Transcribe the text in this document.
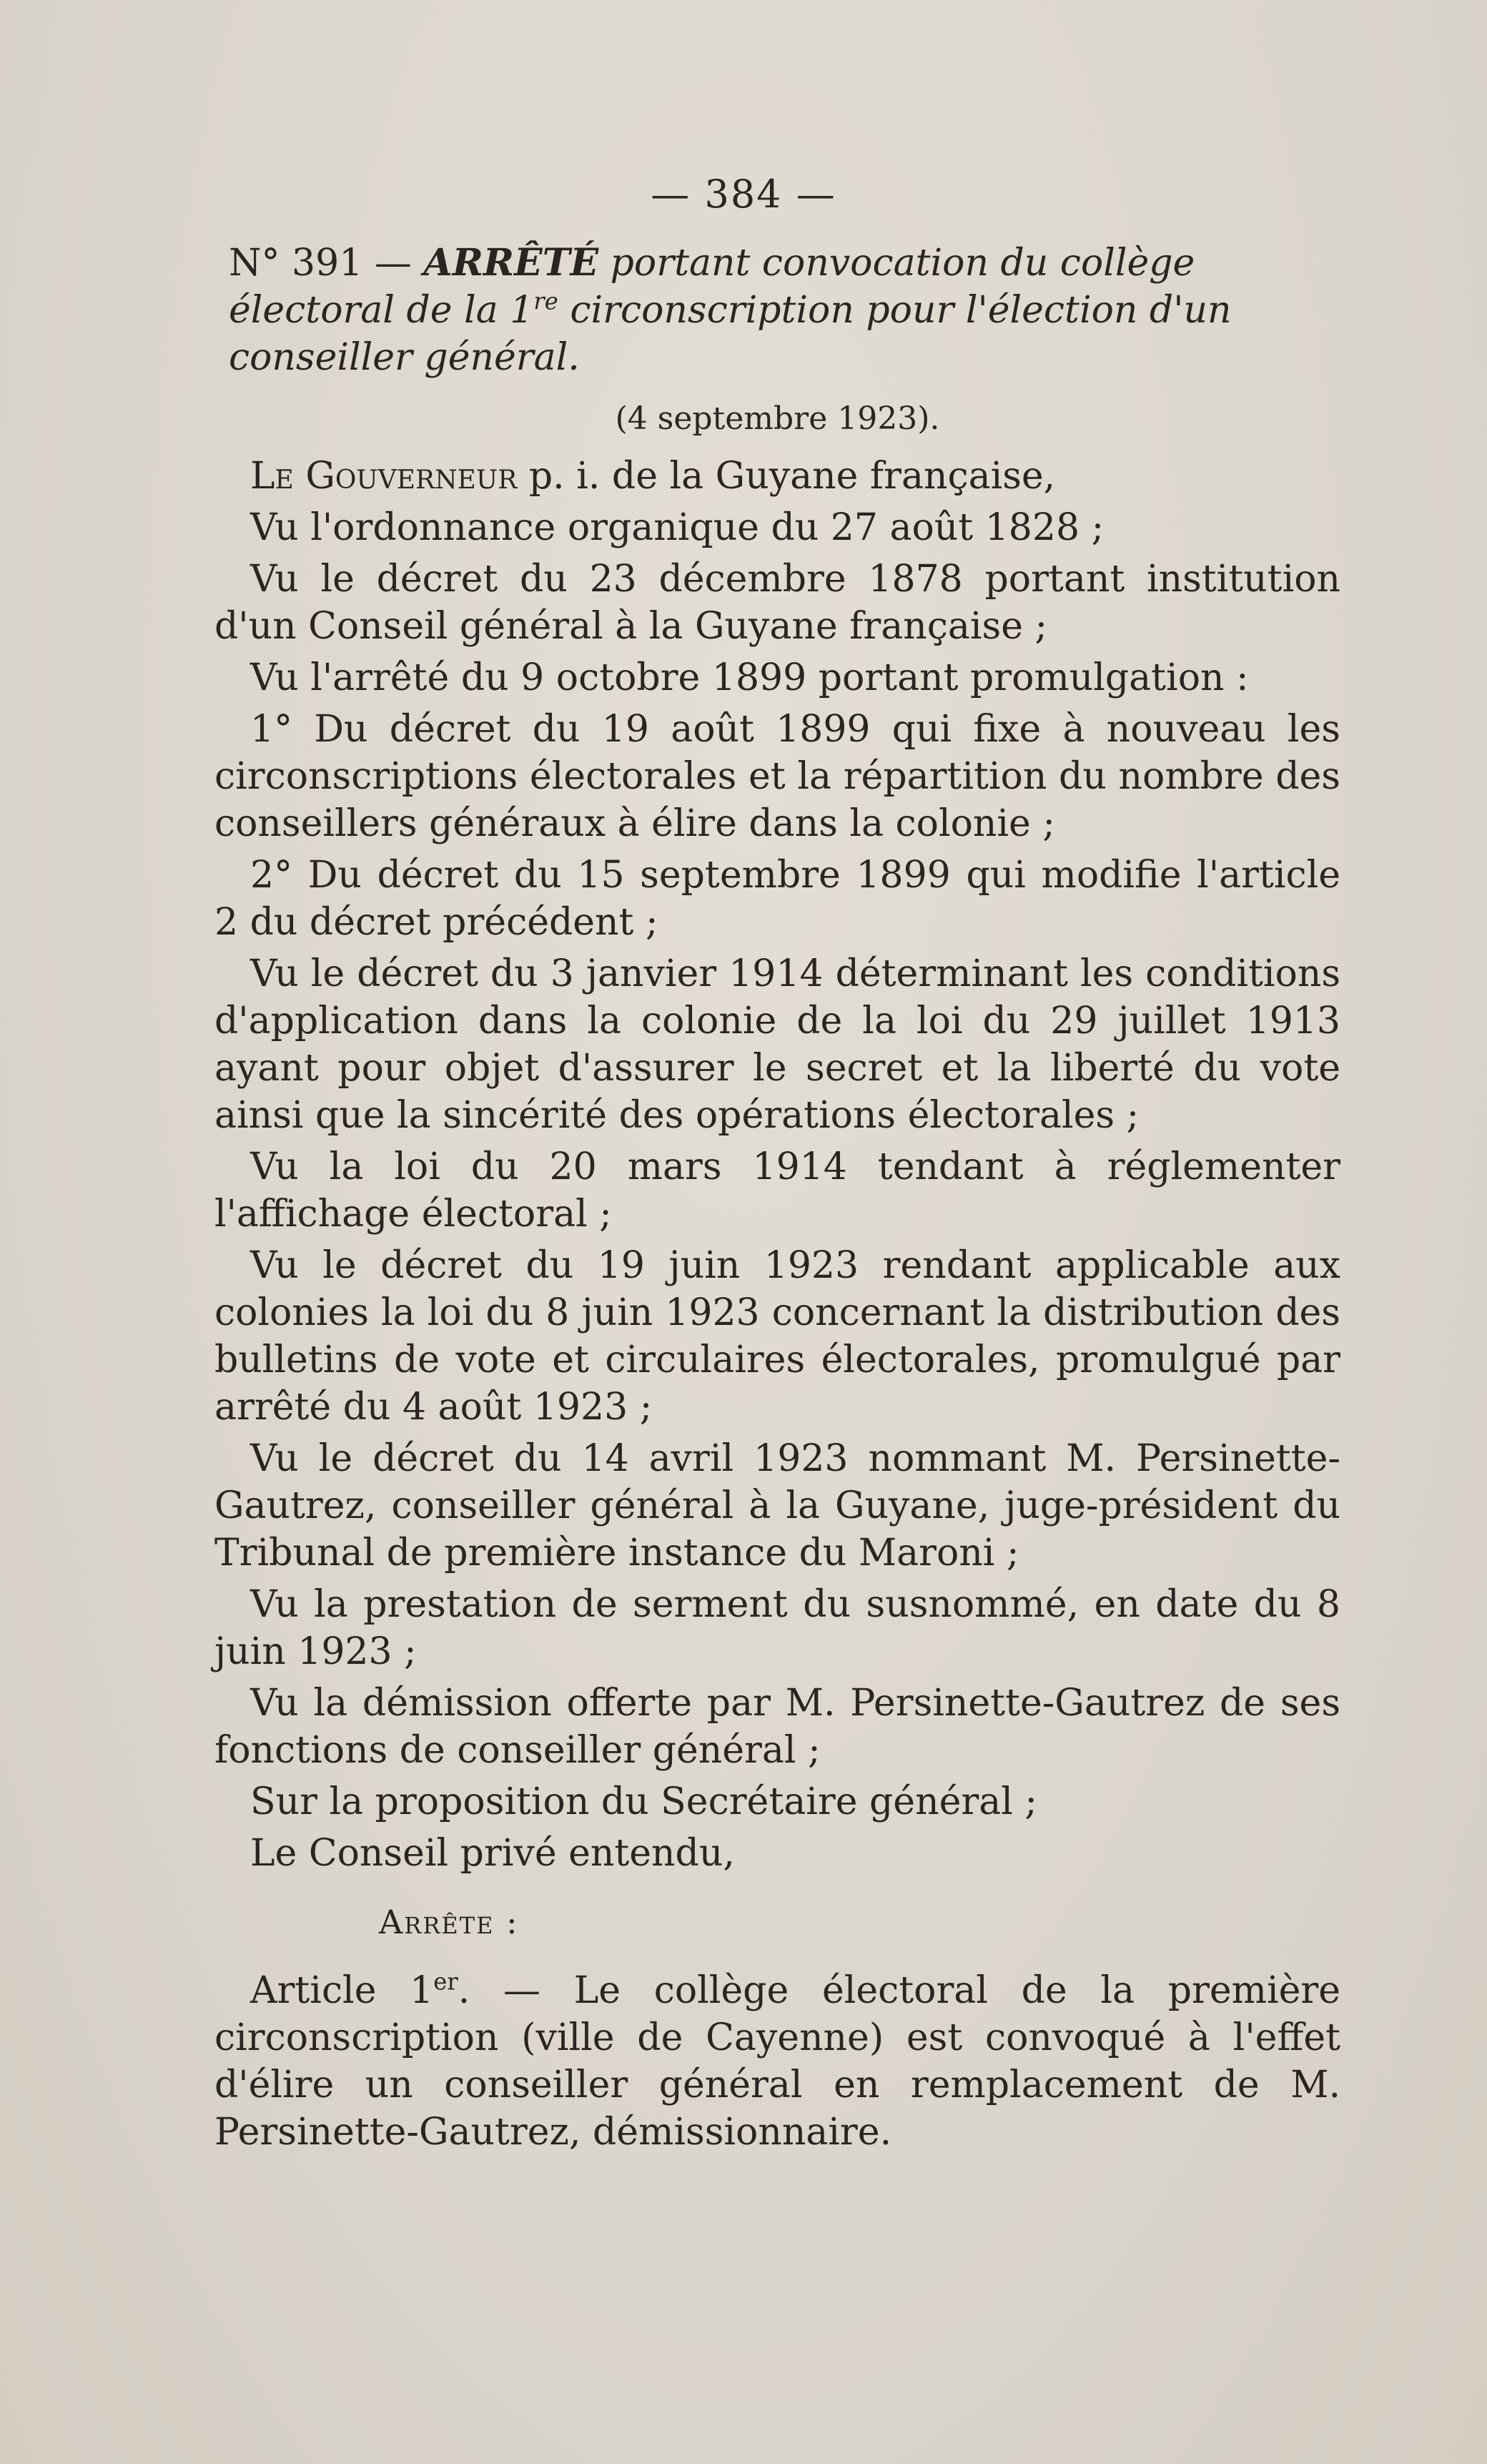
— 384 —

N° 391 — ARRÊTÉ portant convocation du collège électoral de la 1re circonscription pour l'élection d'un conseiller général.

(4 septembre 1923).

Le Gouverneur p. i. de la Guyane française,

Vu l'ordonnance organique du 27 août 1828 ;

Vu le décret du 23 décembre 1878 portant institution d'un Conseil général à la Guyane française ;

Vu l'arrêté du 9 octobre 1899 portant promulgation :

1° Du décret du 19 août 1899 qui fixe à nouveau les circonscriptions électorales et la répartition du nombre des conseillers généraux à élire dans la colonie ;

2° Du décret du 15 septembre 1899 qui modifie l'article 2 du décret précédent ;

Vu le décret du 3 janvier 1914 déterminant les conditions d'application dans la colonie de la loi du 29 juillet 1913 ayant pour objet d'assurer le secret et la liberté du vote ainsi que la sincérité des opérations électorales ;

Vu la loi du 20 mars 1914 tendant à réglementer l'affichage électoral ;

Vu le décret du 19 juin 1923 rendant applicable aux colonies la loi du 8 juin 1923 concernant la distribution des bulletins de vote et circulaires électorales, promulgué par arrêté du 4 août 1923 ;

Vu le décret du 14 avril 1923 nommant M. Persinette-Gautrez, conseiller général à la Guyane, juge-président du Tribunal de première instance du Maroni ;

Vu la prestation de serment du susnommé, en date du 8 juin 1923 ;

Vu la démission offerte par M. Persinette-Gautrez de ses fonctions de conseiller général ;

Sur la proposition du Secrétaire général ;

Le Conseil privé entendu,

Arrête :

Article 1er. — Le collège électoral de la première circonscription (ville de Cayenne) est convoqué à l'effet d'élire un conseiller général en remplacement de M. Persinette-Gautrez, démissionnaire.
